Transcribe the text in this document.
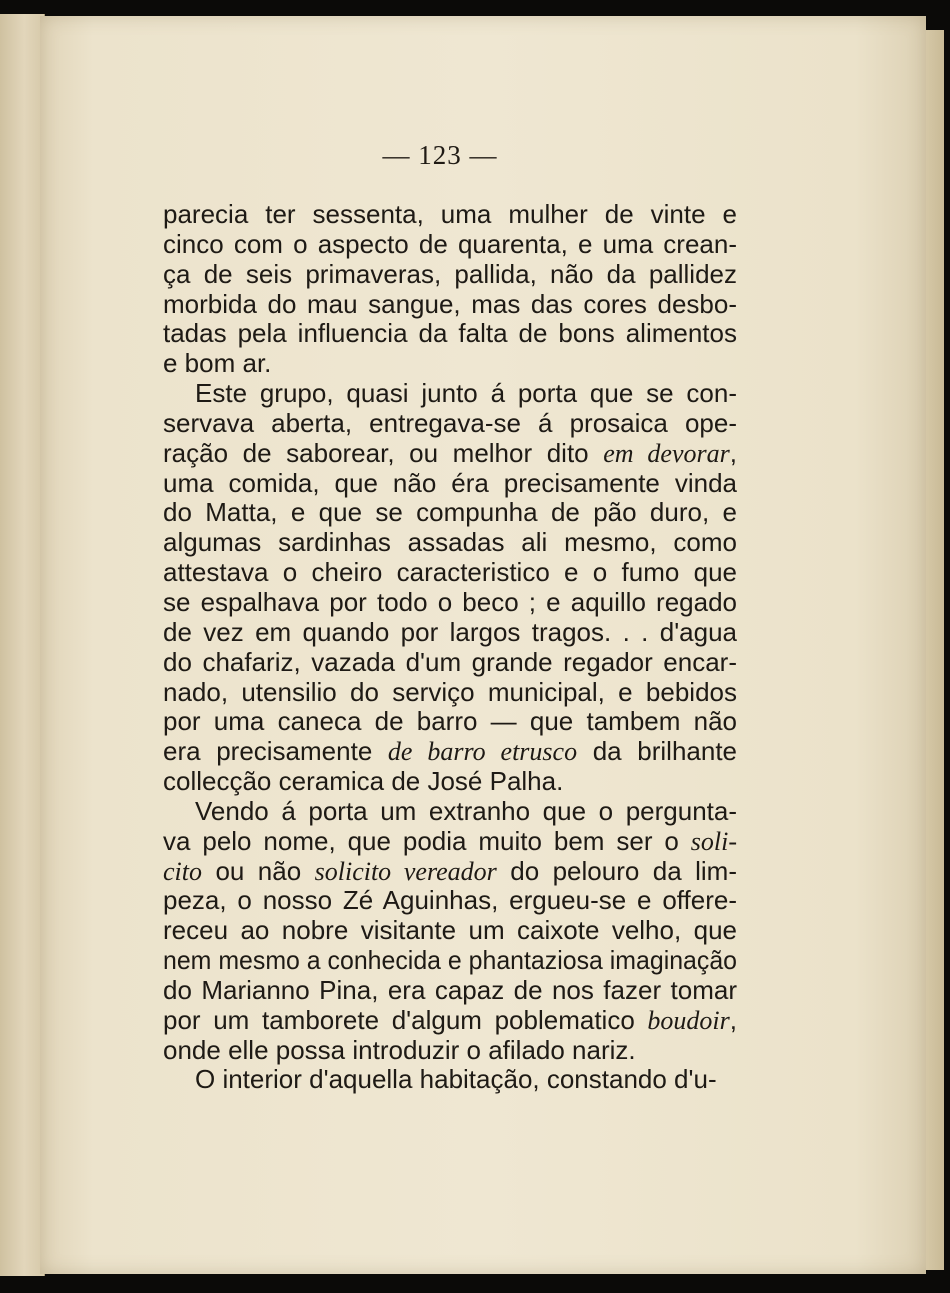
— 123 —
parecia ter sessenta, uma mulher de vinte e
cinco com o aspecto de quarenta, e uma crean-
ça de seis primaveras, pallida, não da pallidez
morbida do mau sangue, mas das cores desbo-
tadas pela influencia da falta de bons alimentos
e bom ar.
Este grupo, quasi junto á porta que se con-
servava aberta, entregava-se á prosaica ope-
ração de saborear, ou melhor dito em devorar,
uma comida, que não éra precisamente vinda
do Matta, e que se compunha de pão duro, e
algumas sardinhas assadas ali mesmo, como
attestava o cheiro caracteristico e o fumo que
se espalhava por todo o beco ; e aquillo regado
de vez em quando por largos tragos. . . d'agua
do chafariz, vazada d'um grande regador encar-
nado, utensilio do serviço municipal, e bebidos
por uma caneca de barro — que tambem não
era precisamente de barro etrusco da brilhante
collecção ceramica de José Palha.
Vendo á porta um extranho que o pergunta-
va pelo nome, que podia muito bem ser o soli-
cito ou não solicito vereador do pelouro da lim-
peza, o nosso Zé Aguinhas, ergueu-se e offere-
receu ao nobre visitante um caixote velho, que
nem mesmo a conhecida e phantaziosa imaginação
do Marianno Pina, era capaz de nos fazer tomar
por um tamborete d'algum poblematico boudoir,
onde elle possa introduzir o afilado nariz.
O interior d'aquella habitação, constando d'u-
